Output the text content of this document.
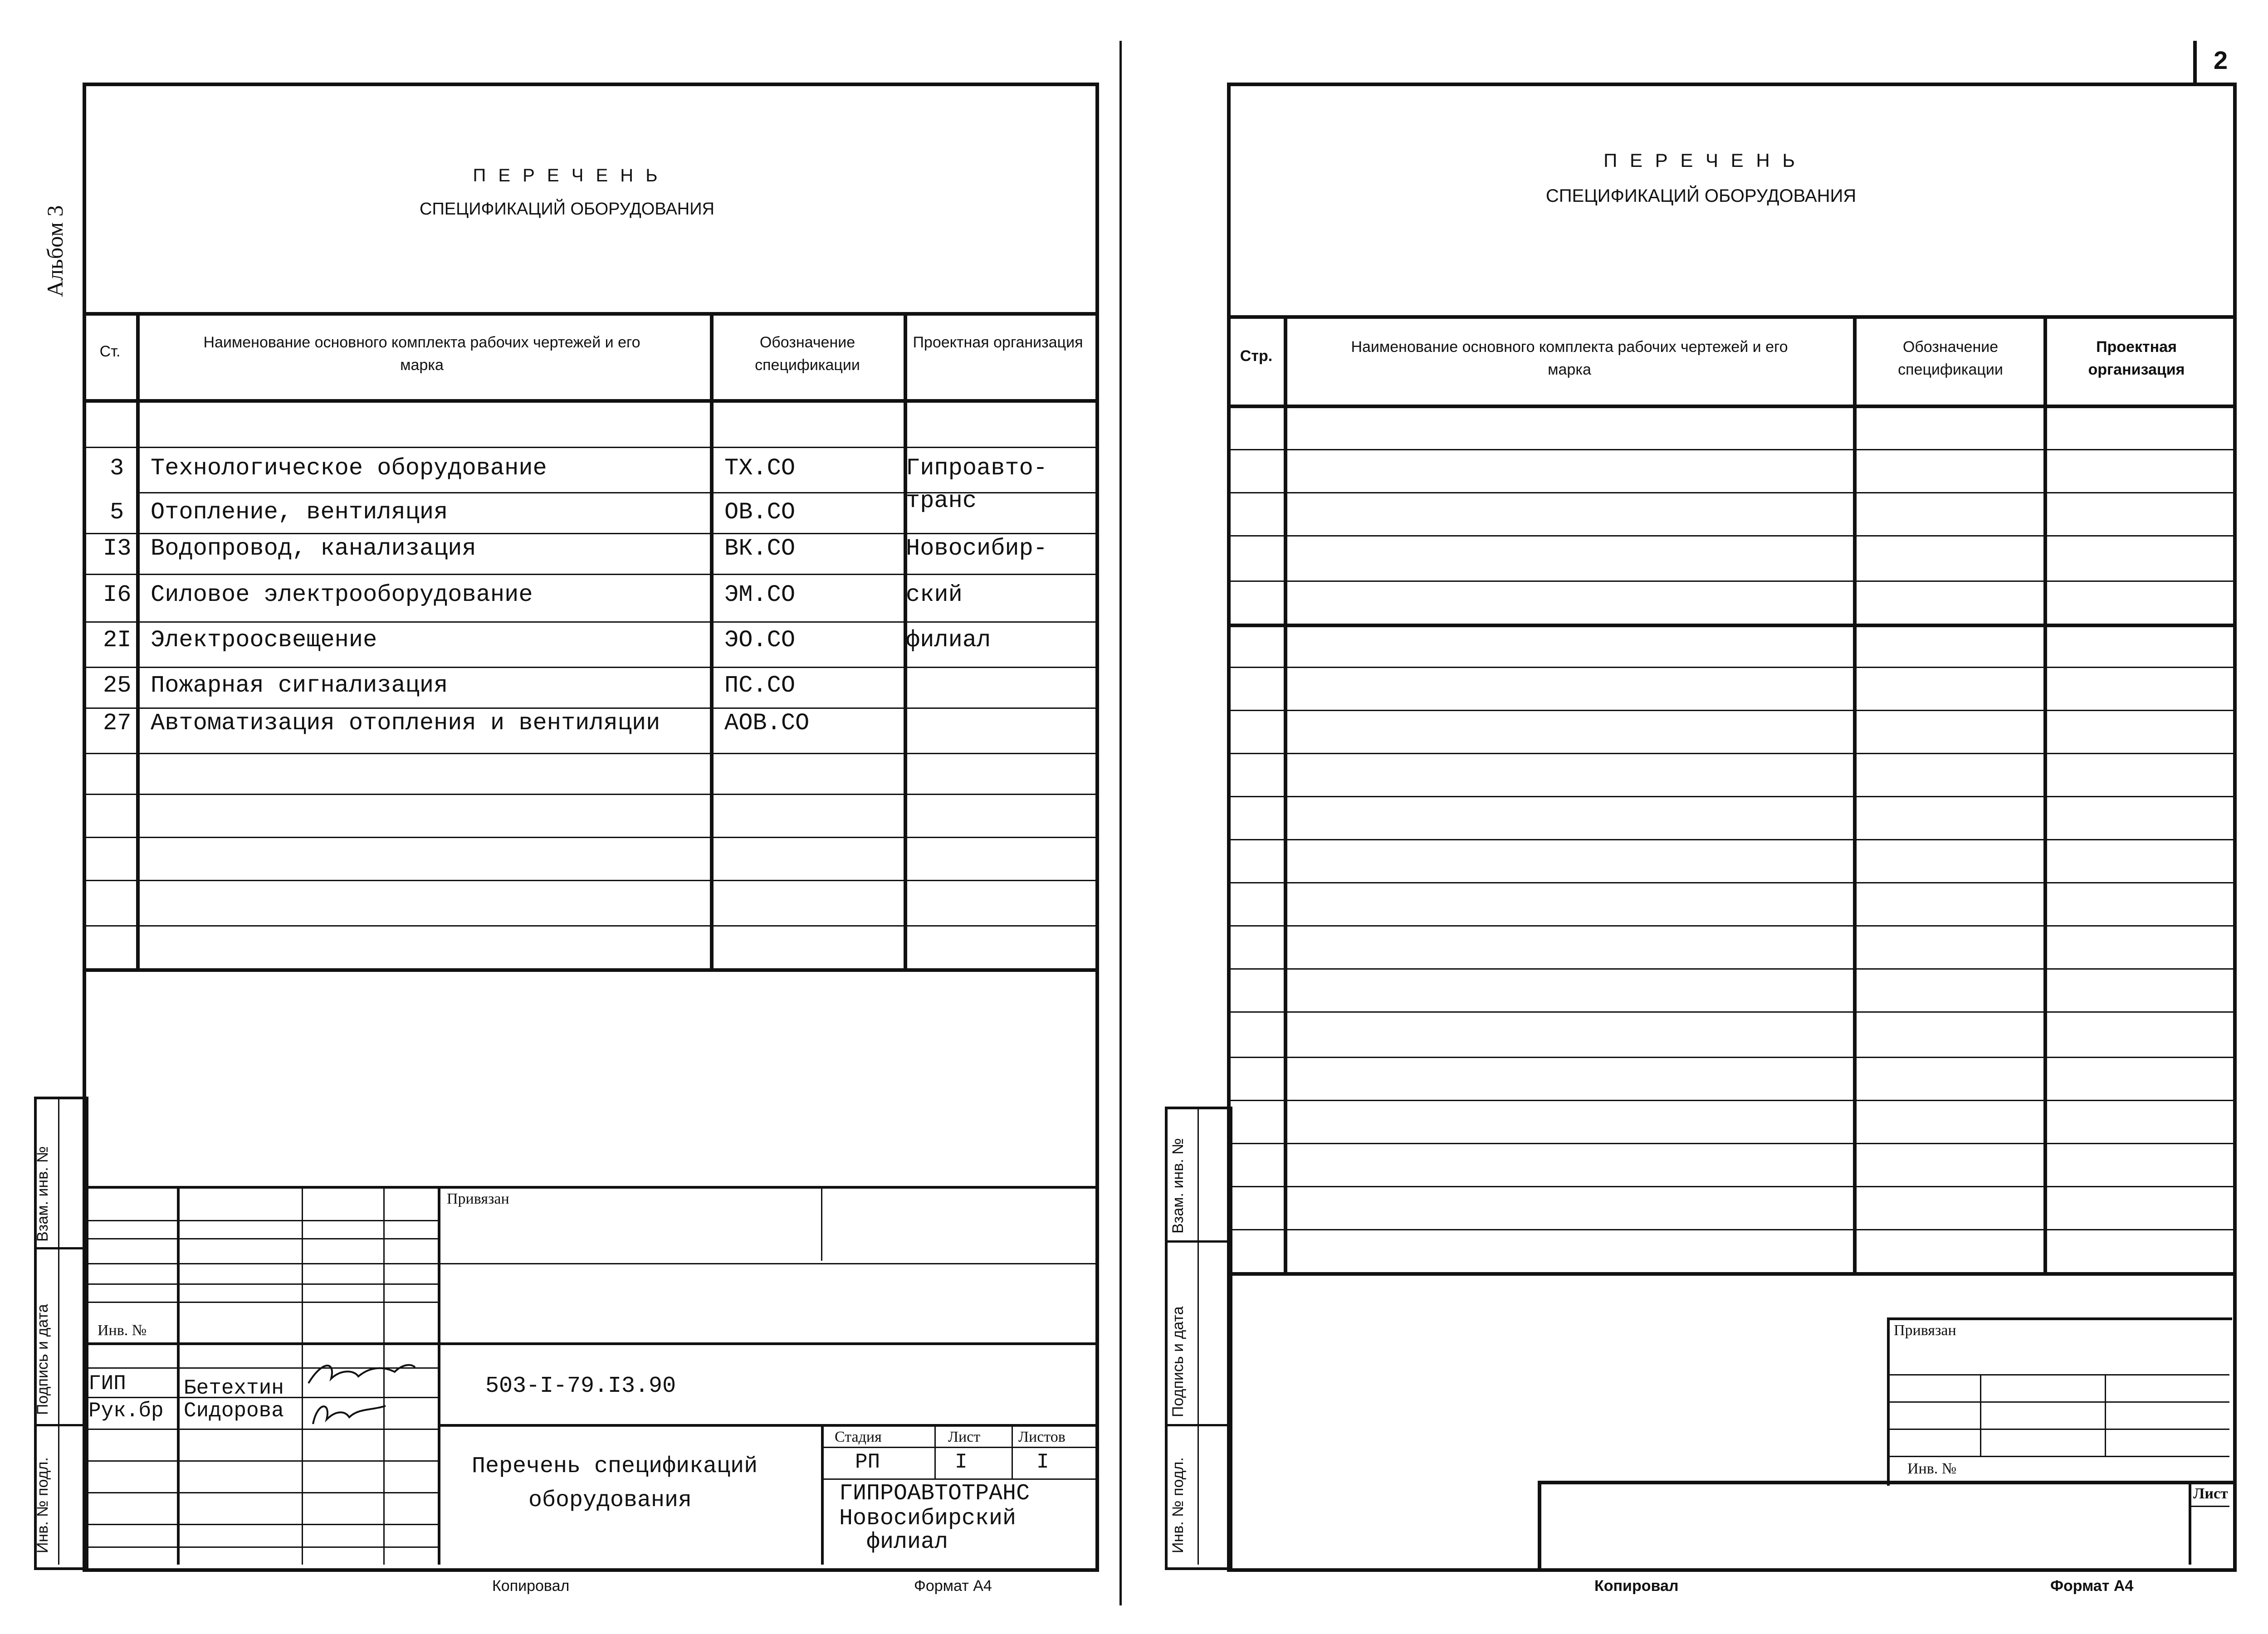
Альбом 3
П Е Р Е Ч Е Н Ь
СПЕЦИФИКАЦИЙ ОБОРУДОВАНИЯ
Ст.
Наименование основного комплекта рабочих чертежей и его марка
Обозначение спецификации
Проектная организация
3 Технологическое оборудование	ТХ.СО	Гипроавто-
5 Отопление, вентиляция	ОВ.СО	транс
I3 Водопровод, канализация	ВК.СО	Новосибир-
I6 Силовое электрооборудование	ЭМ.СО	ский
2I Электроосвещение	ЭО.СО	филиал
25 Пожарная сигнализация	ПС.СО
27 Автоматизация отопления и вентиляции	АОВ.СО
Взам. инв. №
Подпись и дата
Инв. № подл.
Привязан
Инв. №
ГИП	Бетехтин
Рук.бр Сидорова
503-I-79.I3.90
Перечень спецификаций
оборудования
Стадия	Лист Листов
РП	I	I
ГИПРОАВТОТРАНС
Новосибирский
филиал
Копировал	Формат А4
2
П Е Р Е Ч Е Н Ь
СПЕЦИФИКАЦИЙ ОБОРУДОВАНИЯ
Стр.
Наименование основного комплекта рабочих чертежей и его марка
Обозначение спецификации
Проектная организация
Взам. инв. №
Подпись и дата
Инв. № подл.
Привязан
Инв. №
Лист
Копировал	Формат А4
